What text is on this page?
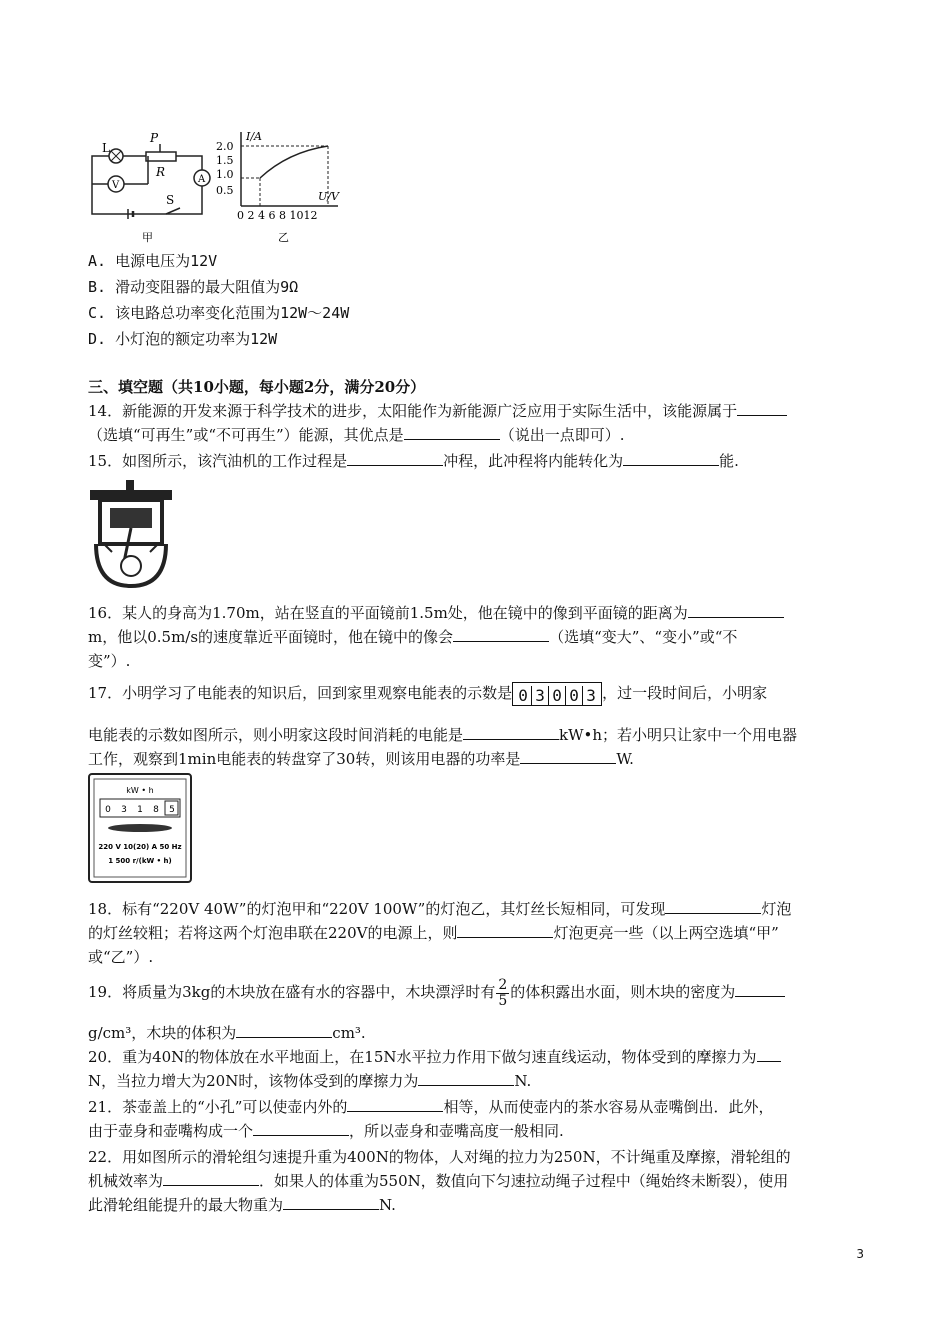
L
P
R
S
A
V
甲
I/A
U/V
2.0
1.5
1.0
0.5
0 2 4 6 8 1012
乙
A. 电源电压为12V
B. 滑动变阻器的最大阻值为9Ω
C. 该电路总功率变化范围为12W～24W
D. 小灯泡的额定功率为12W
三、填空题（共10小题，每小题2分，满分20分）
14．新能源的开发来源于科学技术的进步，太阳能作为新能源广泛应用于实际生活中，该能源属于
（选填“可再生”或“不可再生”）能源，其优点是	（说出一点即可）.
15．如图所示，该汽油机的工作过程是	冲程，此冲程将内能转化为	能.
16．某人的身高为1.70m，站在竖直的平面镜前1.5m处，他在镜中的像到平面镜的距离为
m，他以0.5m/s的速度靠近平面镜时，他在镜中的像会	（选填“变大”、“变小”或“不
变”）.
17．小明学习了电能表的知识后，回到家里观察电能表的示数是 0 3 0 0 3 ，过一段时间后，小明家
电能表的示数如图所示，则小明家这段时间消耗的电能是	kW•h；若小明只让家中一个用电器
工作，观察到1min电能表的转盘穿了30转，则该用电器的功率是	W.
kW • h
0 3 1 8 5
220 V 10(20) A 50 Hz
1 500 r/(kW • h)
18．标有“220V 40W”的灯泡甲和“220V 100W”的灯泡乙，其灯丝长短相同，可发现	灯泡
的灯丝较粗；若将这两个灯泡串联在220V的电源上，则	灯泡更亮一些（以上两空选填“甲”
或“乙”）.
19．将质量为3kg的木块放在盛有水的容器中，木块漂浮时有 $\frac{2}{5}$ 的体积露出水面，则木块的密度为
g/cm³，木块的体积为	cm³.
20．重为40N的物体放在水平地面上，在15N水平拉力作用下做匀速直线运动，物体受到的摩擦力为
N，当拉力增大为20N时，该物体受到的摩擦力为	N.
21．茶壶盖上的“小孔”可以使壶内外的	相等，从而使壶内的茶水容易从壶嘴倒出．此外，
由于壶身和壶嘴构成一个	，所以壶身和壶嘴高度一般相同.
22．用如图所示的滑轮组匀速提升重为400N的物体，人对绳的拉力为250N，不计绳重及摩擦，滑轮组的
机械效率为	．如果人的体重为550N，数值向下匀速拉动绳子过程中（绳始终未断裂），使用
此滑轮组能提升的最大物重为	N.
3
